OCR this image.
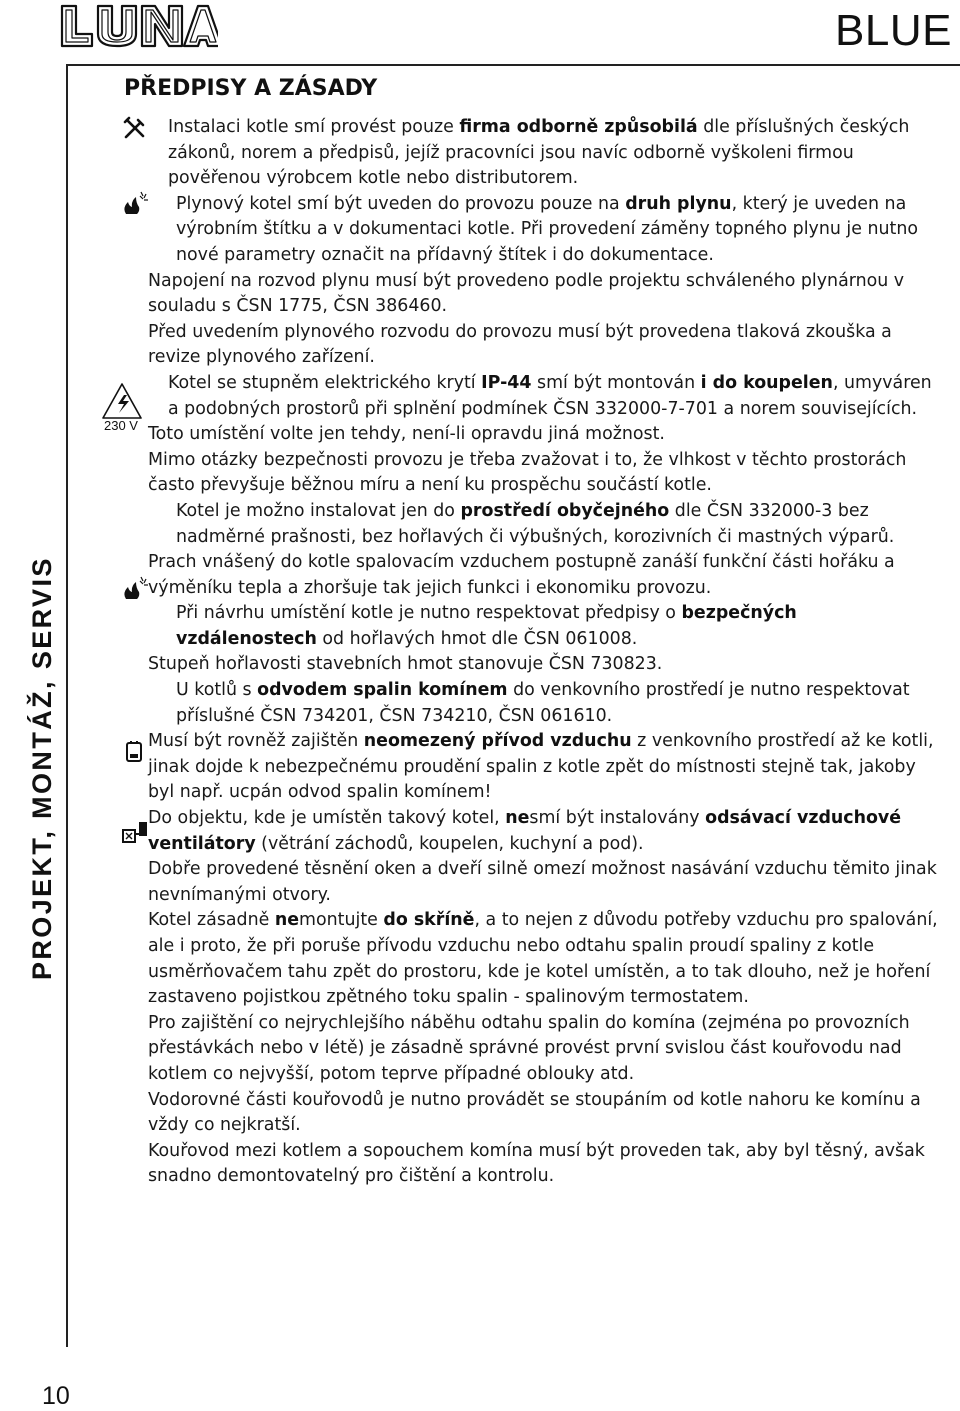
BLUE
PROJEKT, MONTÁŽ, SERVIS
10
PŘEDPISY A ZÁSADY
230 V

Instalaci kotle smí provést pouze firma odborně způsobilá dle příslušných českých zákonů, norem a předpisů, jejíž pracovníci jsou navíc odborně vyškoleni firmou pověřenou výrobcem kotle nebo distributorem.

Plynový kotel smí být uveden do provozu pouze na druh plynu, který je uveden na výrobním štítku a v dokumentaci kotle. Při provedení záměny topného plynu je nutno nové parametry označit na přídavný štítek i do dokumentace.

Napojení na rozvod plynu musí být provedeno podle projektu schváleného plynárnou v souladu s ČSN 1775, ČSN 386460.

Před uvedením plynového rozvodu do provozu musí být provedena tlaková zkouška a revize plynového zařízení.

Kotel se stupněm elektrického krytí IP-44 smí být montován i do koupelen, umyváren a podobných prostorů při splnění podmínek ČSN 332000-7-701 a norem souvisejících.

Toto umístění volte jen tehdy, není-li opravdu jiná možnost.

Mimo otázky bezpečnosti provozu je třeba zvažovat i to, že vlhkost v těchto prostorách často převyšuje běžnou míru a není ku prospěchu součástí kotle.

Kotel je možno instalovat jen do prostředí obyčejného dle ČSN 332000-3 bez nadměrné prašnosti, bez hořlavých či výbušných, korozivních či mastných výparů.

Prach vnášený do kotle spalovacím vzduchem postupně zanáší funkční části hořáku a výměníku tepla a zhoršuje tak jejich funkci i ekonomiku provozu.

Při návrhu umístění kotle je nutno respektovat předpisy o bezpečných vzdálenostech od hořlavých hmot dle ČSN 061008.

Stupeň hořlavosti stavebních hmot stanovuje ČSN 730823.

U kotlů s odvodem spalin komínem do venkovního prostředí je nutno respektovat příslušné ČSN 734201, ČSN 734210, ČSN 061610.

Musí být rovněž zajištěn neomezený přívod vzduchu z venkovního prostředí až ke kotli, jinak dojde k nebezpečnému proudění spalin z kotle zpět do místnosti stejně tak, jakoby byl např. ucpán odvod spalin komínem!

Do objektu, kde je umístěn takový kotel, nesmí být instalovány odsávací vzduchové ventilátory (větrání záchodů, koupelen, kuchyní a pod).

Dobře provedené těsnění oken a dveří silně omezí možnost nasávání vzduchu těmito jinak nevnímanými otvory.

Kotel zásadně nemontujte do skříně, a to nejen z důvodu potřeby vzduchu pro spalování, ale i proto, že při poruše přívodu vzduchu nebo odtahu spalin proudí spaliny z kotle usměrňovačem tahu zpět do prostoru, kde je kotel umístěn, a to tak dlouho, než je hoření zastaveno pojistkou zpětného toku spalin - spalinovým termostatem.

Pro zajištění co nejrychlejšího náběhu odtahu spalin do komína (zejména po provozních přestávkách nebo v létě) je zásadně správné provést první svislou část kouřovodu nad kotlem co nejvyšší, potom teprve případné oblouky atd.

Vodorovné části kouřovodů je nutno provádět se stoupáním od kotle nahoru ke komínu a vždy co nejkratší.

Kouřovod mezi kotlem a sopouchem komína musí být proveden tak, aby byl těsný, avšak snadno demontovatelný pro čištění a kontrolu.
